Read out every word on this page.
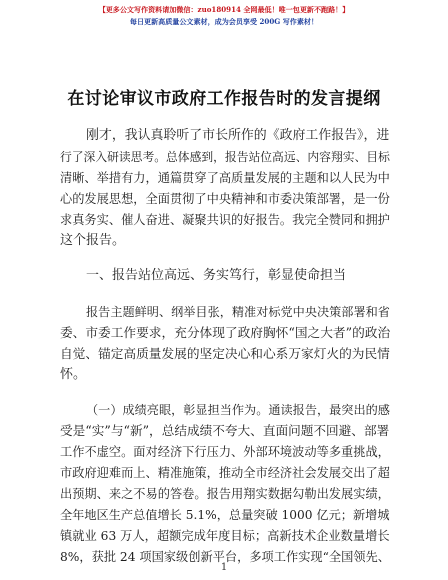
【更多公文写作资料请加微信：zuo180914 全网最低！唯一包更新不跑路！】
每日更新高质量公文素材，成为会员享受 200G 写作素材！
在讨论审议市政府工作报告时的发言提纲
刚才，我认真聆听了市长所作的《政府工作报告》，进
行了深入研读思考。总体感到，报告站位高远、内容翔实、目标
清晰、举措有力，通篇贯穿了高质量发展的主题和以人民为中
心的发展思想，全面贯彻了中央精神和市委决策部署，是一份
求真务实、催人奋进、凝聚共识的好报告。我完全赞同和拥护
这个报告。
一、报告站位高远、务实笃行，彰显使命担当
报告主题鲜明、纲举目张，精准对标党中央决策部署和省
委、市委工作要求，充分体现了政府胸怀“国之大者”的政治
自觉、锚定高质量发展的坚定决心和心系万家灯火的为民情
怀。
（一）成绩亮眼，彰显担当作为。通读报告，最突出的感
受是“实”与“新”，总结成绩不夸大、直面问题不回避、部署
工作不虚空。面对经济下行压力、外部环境波动等多重挑战，
市政府迎难而上、精准施策，推动全市经济社会发展交出了超
出预期、来之不易的答卷。报告用翔实数据勾勒出发展实绩，
全年地区生产总值增长 5.1%，总量突破 1000 亿元；新增城
镇就业 63 万人，超额完成年度目标；高新技术企业数量增长
8%，获批 24 项国家级创新平台，多项工作实现“全国领先、
1
